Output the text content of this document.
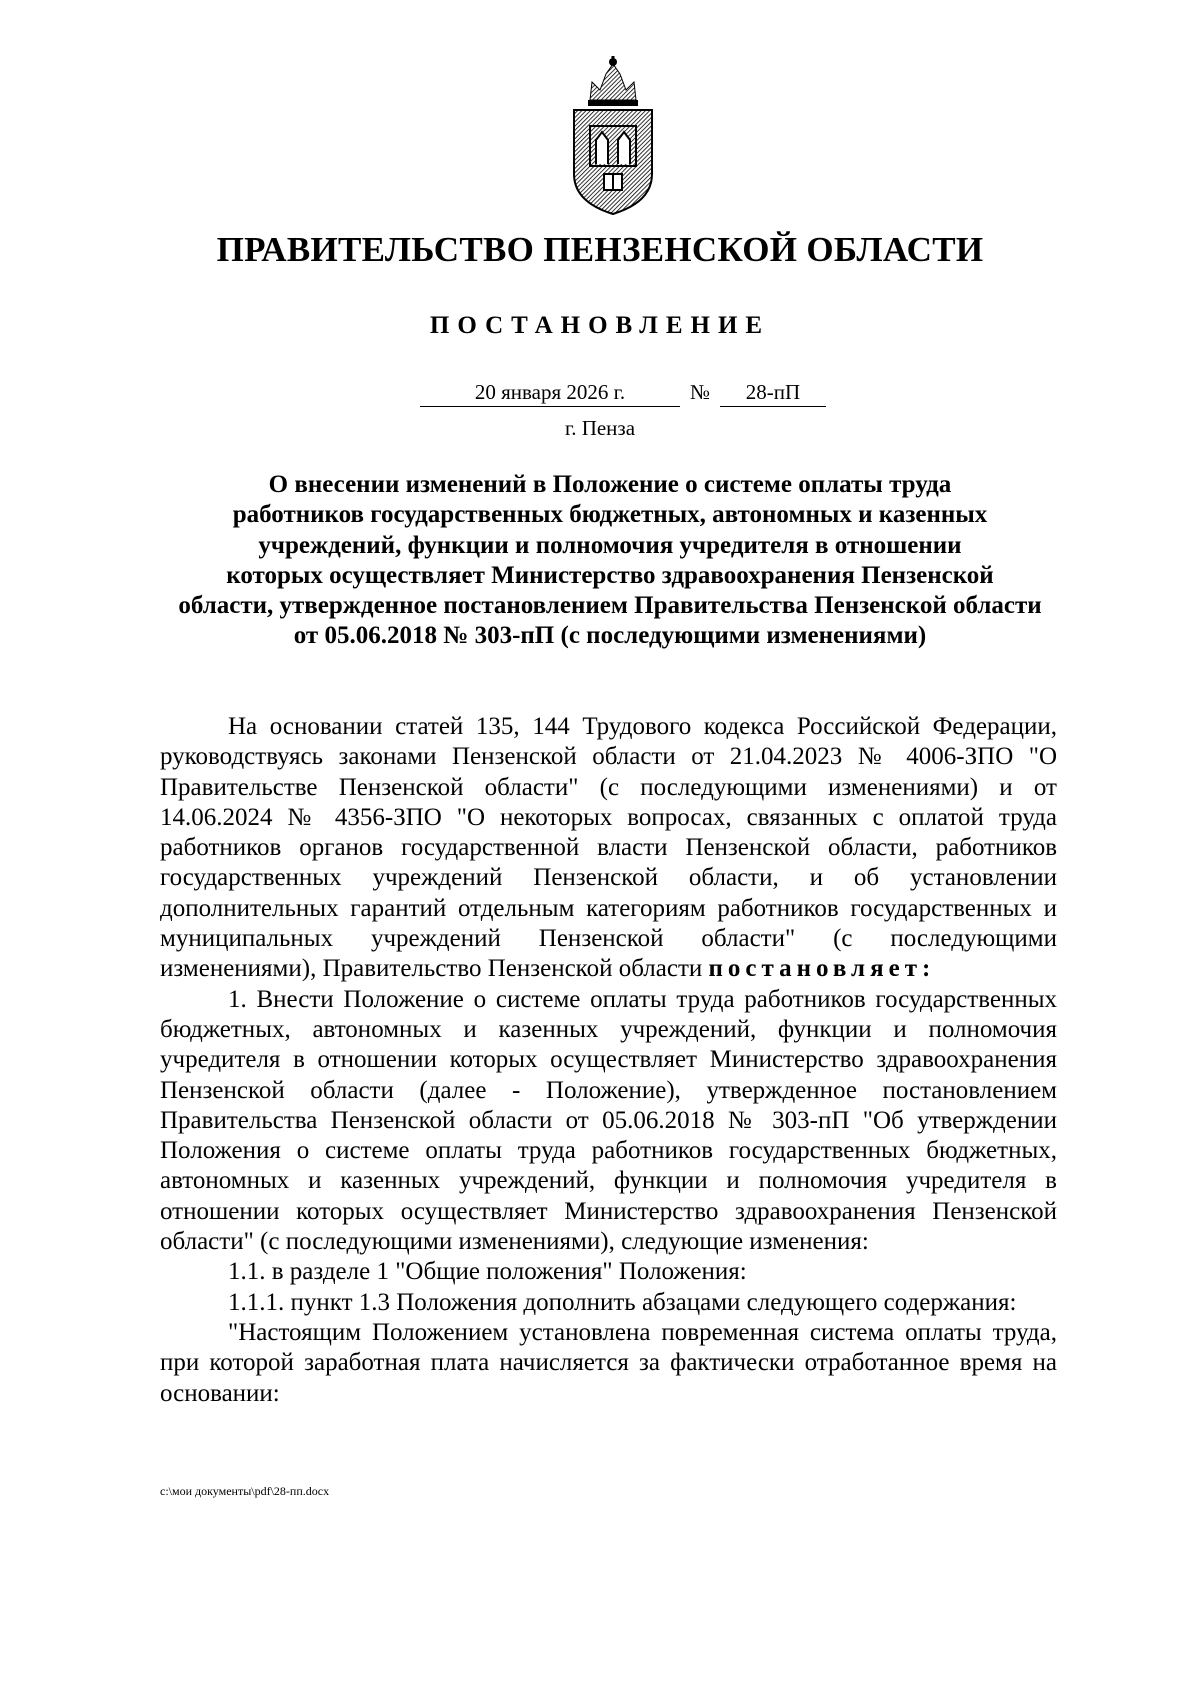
ПРАВИТЕЛЬСТВО ПЕНЗЕНСКОЙ ОБЛАСТИ
ПОСТАНОВЛЕНИЕ
20 января 2026 г.	№	28-пП
г. Пенза
О внесении изменений в Положение о системе оплаты труда
работников государственных бюджетных, автономных и казенных
учреждений, функции и полномочия учредителя в отношении
которых осуществляет Министерство здравоохранения Пензенской
области, утвержденное постановлением Правительства Пензенской области
от 05.06.2018 № 303-пП (с последующими изменениями)

На основании статей 135, 144 Трудового кодекса Российской Федерации, руководствуясь законами Пензенской области от 21.04.2023 № 4006-ЗПО "О Правительстве Пензенской области" (с последующими изменениями) и от 14.06.2024 № 4356-ЗПО "О некоторых вопросах, связанных с оплатой труда работников органов государственной власти Пензенской области, работников государственных учреждений Пензенской области, и об установлении дополнительных гарантий отдельным категориям работников государственных и муниципальных учреждений Пензенской области" (с последующими изменениями), Правительство Пензенской области постановляет:

1. Внести Положение о системе оплаты труда работников государственных бюджетных, автономных и казенных учреждений, функции и полномочия учредителя в отношении которых осуществляет Министерство здравоохранения Пензенской области (далее - Положение), утвержденное постановлением Правительства Пензенской области от 05.06.2018 № 303-пП "Об утверждении Положения о системе оплаты труда работников государственных бюджетных, автономных и казенных учреждений, функции и полномочия учредителя в отношении которых осуществляет Министерство здравоохранения Пензенской области" (с последующими изменениями), следующие изменения:

1.1. в разделе 1 "Общие положения" Положения:

1.1.1. пункт 1.3 Положения дополнить абзацами следующего содержания:

"Настоящим Положением установлена повременная система оплаты труда, при которой заработная плата начисляется за фактически отработанное время на основании:

c:\мои документы\pdf\28-пп.docx
